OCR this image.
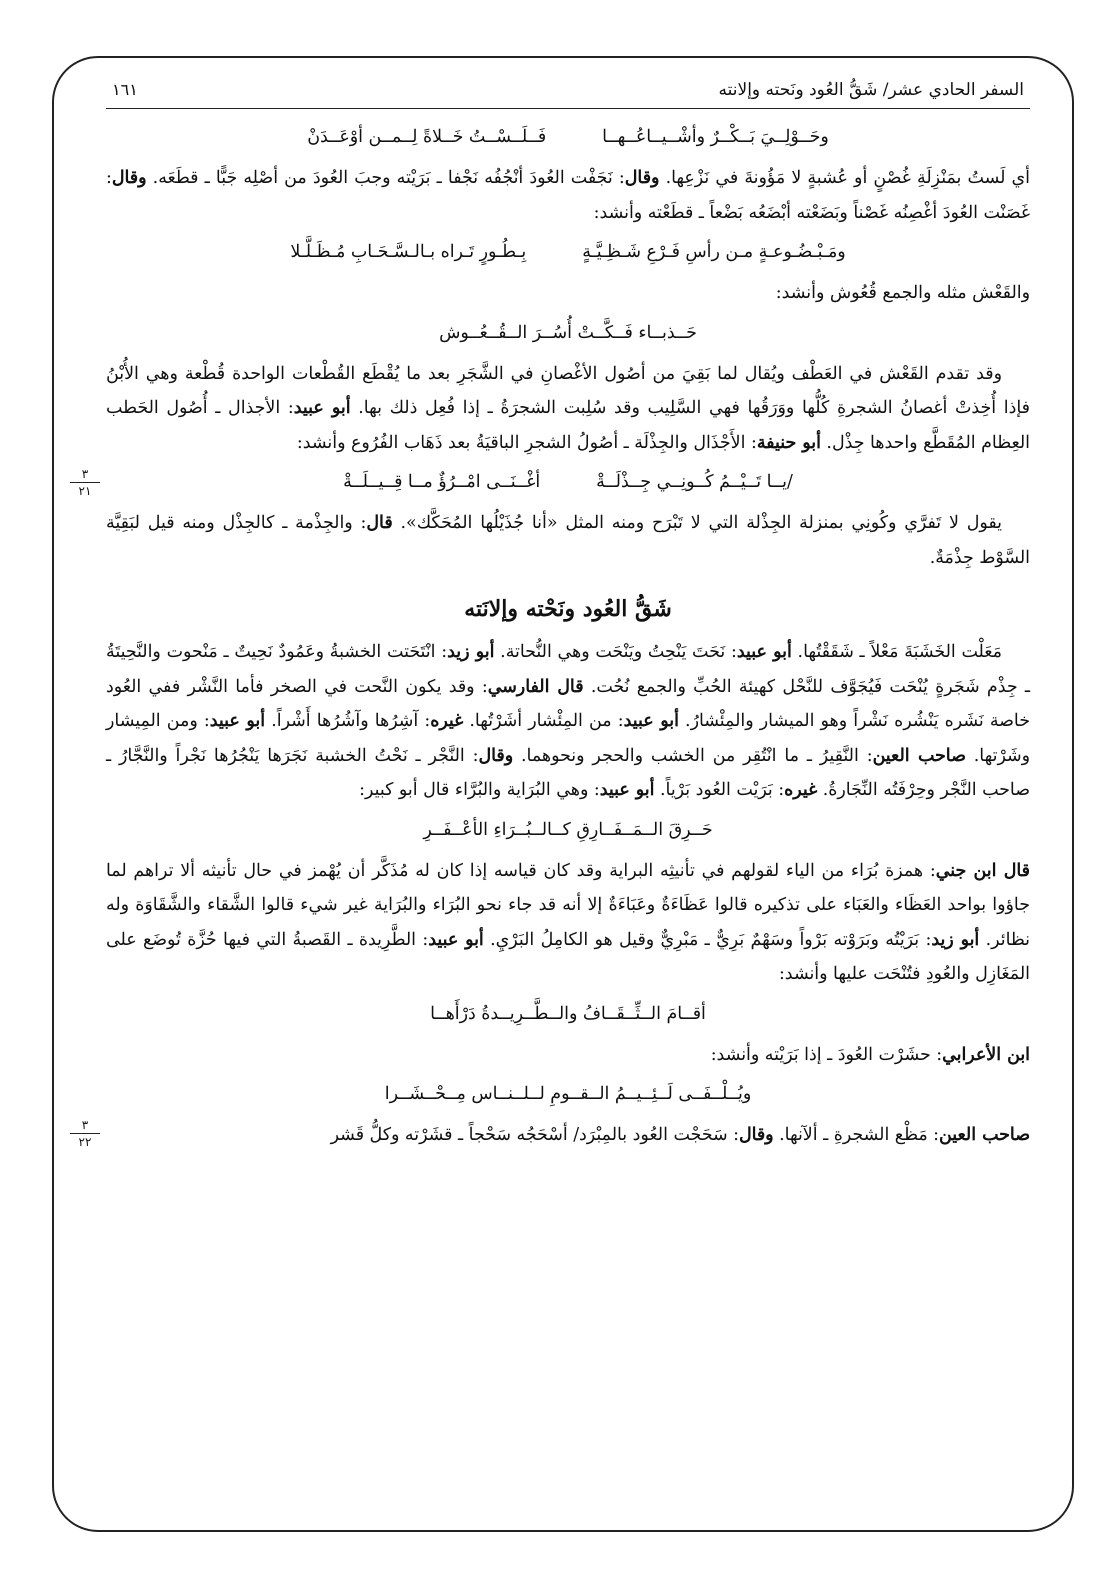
السفر الحادي عشر/ شَقُّ العُود ونَحته وإلانته
١٦١
وحَــوْلِــيَ بَــكْــرٌ وأشْــيــاعُــهــا
فَــلَــسْــتُ خَــلاةً لِــمــن أوْعَــدَنْ

أي لَستُ بمَنْزِلَةِ غُصْنٍ أو عُشبةٍ لا مَؤُونةَ في نَزْعِها. وقال: نَجَفْت العُودَ أنْجُفُه نَجْفا ـ بَرَيْته وجبَ العُودَ من أصْلِه جَبًّا ـ قطَعَه. وقال: غَصَنْت العُودَ أغْصِنُه غَصْناً وبَضَعْته أبْضَعُه بَضْعاً ـ قطَعْته وأنشد:

ومَـبْـضُـوعـةٍ مـن رأسِ فَـرْعِ شَـظِـيَّـةٍ
بِـطُـورٍ تَـراه بـالـسَّـحَـابِ مُـظَـلَّـلا

والقَعْش مثله والجمع قُعُوش وأنشد:

حَــذبــاء فَــكَّــتْ أُسُــرَ الــقُــعُــوش

وقد تقدم القَعْش في العَطْف ويُقال لما بَقِيَ من أصُول الأغْصانِ في الشَّجَرِ بعد ما يُقْطَع القُطْعات الواحدة قُطْعة وهي الأُبْنُ فإذا أُخِذتْ أغصانُ الشجرةِ كُلُّها ووَرَقُها فهي السَّلِيب وقد سُلِبت الشجرَةُ ـ إذا فُعِل ذلك بها. أبو عبيد: الأجذال ـ أُصُول الحَطب العِظام المُقَطَّع واحدها جِذْل. أبو حنيفة: الأَجْذَال والجِذْلَة ـ أصُولُ الشجرِ الباقيَةُ بعد ذَهَاب الفُرُوع وأنشد:

/يــا تَــيْــمُ كُــونِــي جِــذْلَــةْ
أغْــنَــى امْــرُؤٌ مــا قِــيــلَــةْ

يقول لا تَفرَّي وكُونِي بمنزلة الجِذْلة التي لا تَبْرَح ومنه المثل «أنا جُذَيْلُها المُحَكَّك». قال: والجِذْمة ـ كالجِذْل ومنه قيل لبَقِيَّة السَّوْط جِذْمَةٌ.

شَقُّ العُود ونَحْته وإلانَته

مَعَلْت الخَشَبَةَ مَعْلاً ـ شَقَقْتُها. أبو عبيد: نَحَتَ يَنْحِتُ ويَنْحَت وهي النُّحاتة. أبو زيد: انْتَحَتت الخشبةُ وعَمُودٌ نَحِيتٌ ـ مَنْحوت والنَّحِيتَةُ ـ جِذْم شَجَرةٍ يُنْحَت فَيُجَوَّف للنَّحْل كهيئة الحُبِّ والجمع نُحُت. قال الفارسي: وقد يكون النَّحت في الصخر فأما النَّشْر ففي العُود خاصة نَشَره يَنْشُره نَشْراً وهو الميشار والمِئْشارُ. أبو عبيد: من المِئْشار أشَرْتُها. غيره: آشِرُها وآشُرُها أَشْراً. أبو عبيد: ومن المِيشار وشَرْتها. صاحب العين: النَّقِيرُ ـ ما انْتُقِر من الخشب والحجر ونحوهما. وقال: النَّجْر ـ نَحْتُ الخشبة نَجَرَها يَنْجُرُها نَجْراً والنَّجَّارُ ـ صاحب النَّجْر وحِرْفَتُه النِّجَارةُ. غيره: بَرَيْت العُود بَرْياً. أبو عبيد: وهي البُرَاية والبُرَّاء قال أبو كبير:

حَــرِقَ الــمَــفَــارِقِ كــالــبُــرَاءِ الأعْــفَــرِ

قال ابن جني: همزة بُرَاء من الياء لقولهم في تأنيثِه البراية وقد كان قياسه إذا كان له مُذَكَّر أن يُهْمز في حال تأنيثه ألا تراهم لما جاؤوا بواحد العَظَاء والعَبَاء على تذكيره قالوا عَظَاءَةٌ وعَبَاءَةٌ إلا أنه قد جاء نحو البُرَاء والبُرَاية غير شيء قالوا الشَّقاء والشَّقَاوَة وله نظائر. أبو زيد: بَرَيْتُه وبَرَوْته بَرْواً وسَهْمٌ بَرِيٌّ ـ مَبْرِيٌّ وقيل هو الكامِلُ البَرْيِ. أبو عبيد: الطَّرِيدة ـ القَصبةُ التي فيها حُزَّة تُوضَع على المَغَازِل والعُودِ فتُنْحَت عليها وأنشد:

أقــامَ الــثِّــقَــافُ والــطَّــرِيــدةُ دَرْأَهــا

ابن الأعرابي: حشَرْت العُودَ ـ إذا بَرَيْته وأنشد:

ويُــلْــفَــى لَــئِــيــمُ الــقــومِ لــلــنــاس مِــحْــشَــرا

صاحب العين: مَظْع الشجرةِ ـ ألآنها. وقال: سَحَجْت العُود بالمِبْرَد/ أسْحَجُه سَحْجاً ـ قشَرْته وكلُّ قَشر

٣
٢١
٣
٢٢
